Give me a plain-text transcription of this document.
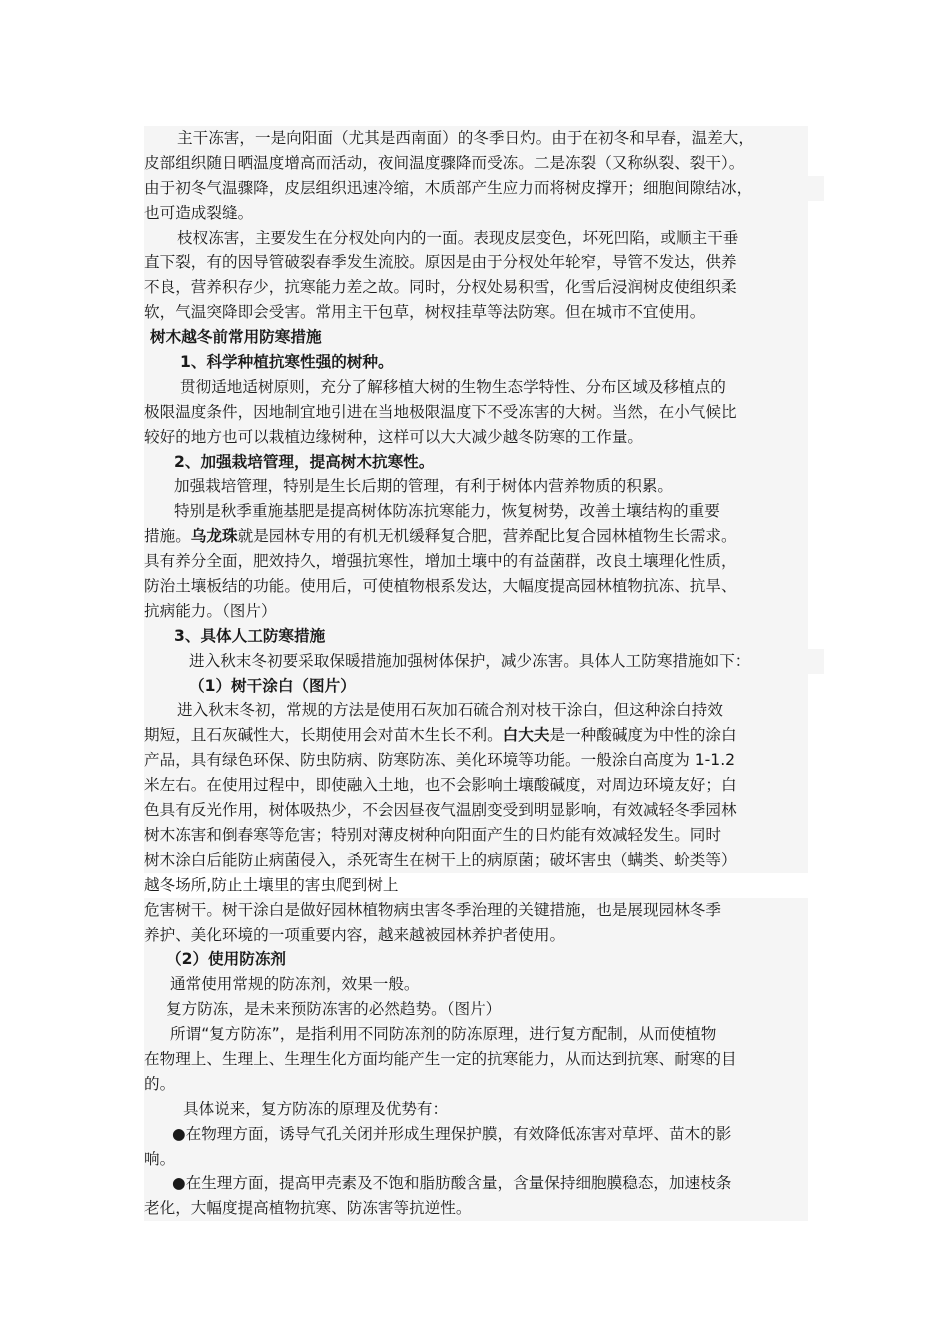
主干冻害，一是向阳面（尤其是西南面）的冬季日灼。由于在初冬和早春，温差大，
皮部组织随日晒温度增高而活动，夜间温度骤降而受冻。二是冻裂（又称纵裂、裂干）。
由于初冬气温骤降，皮层组织迅速冷缩，木质部产生应力而将树皮撑开；细胞间隙结冰，
也可造成裂缝。
枝杈冻害，主要发生在分杈处向内的一面。表现皮层变色，坏死凹陷，或顺主干垂
直下裂，有的因导管破裂春季发生流胶。原因是由于分杈处年轮窄，导管不发达，供养
不良，营养积存少，抗寒能力差之故。同时，分杈处易积雪，化雪后浸润树皮使组织柔
软，气温突降即会受害。常用主干包草，树杈挂草等法防寒。但在城市不宜使用。
树木越冬前常用防寒措施
1、科学种植抗寒性强的树种。
贯彻适地适树原则，充分了解移植大树的生物生态学特性、分布区域及移植点的
极限温度条件，因地制宜地引进在当地极限温度下不受冻害的大树。当然，在小气候比
较好的地方也可以栽植边缘树种，这样可以大大减少越冬防寒的工作量。
2、加强栽培管理，提高树木抗寒性。
加强栽培管理，特别是生长后期的管理，有利于树体内营养物质的积累。
特别是秋季重施基肥是提高树体防冻抗寒能力，恢复树势，改善土壤结构的重要
措施。乌龙珠就是园林专用的有机无机缓释复合肥，营养配比复合园林植物生长需求。
具有养分全面，肥效持久，增强抗寒性，增加土壤中的有益菌群，改良土壤理化性质，
防治土壤板结的功能。使用后，可使植物根系发达，大幅度提高园林植物抗冻、抗旱、
抗病能力。（图片）
3、具体人工防寒措施
进入秋末冬初要采取保暖措施加强树体保护，减少冻害。具体人工防寒措施如下：
（1）树干涂白（图片）
进入秋末冬初，常规的方法是使用石灰加石硫合剂对枝干涂白，但这种涂白持效
期短，且石灰碱性大，长期使用会对苗木生长不利。白大夫是一种酸碱度为中性的涂白
产品，具有绿色环保、防虫防病、防寒防冻、美化环境等功能。一般涂白高度为 1-1.2
米左右。在使用过程中，即使融入土地，也不会影响土壤酸碱度，对周边环境友好；白
色具有反光作用，树体吸热少，不会因昼夜气温剧变受到明显影响，有效减轻冬季园林
树木冻害和倒春寒等危害；特别对薄皮树种向阳面产生的日灼能有效减轻发生。同时
树木涂白后能防止病菌侵入，杀死寄生在树干上的病原菌；破坏害虫（螨类、蚧类等）
越冬场所,防止土壤里的害虫爬到树上
危害树干。树干涂白是做好园林植物病虫害冬季治理的关键措施，也是展现园林冬季
养护、美化环境的一项重要内容，越来越被园林养护者使用。
（2）使用防冻剂
通常使用常规的防冻剂，效果一般。
复方防冻，是未来预防冻害的必然趋势。（图片）
所谓“复方防冻”，是指利用不同防冻剂的防冻原理，进行复方配制，从而使植物
在物理上、生理上、生理生化方面均能产生一定的抗寒能力，从而达到抗寒、耐寒的目
的。
具体说来，复方防冻的原理及优势有：
●在物理方面，诱导气孔关闭并形成生理保护膜，有效降低冻害对草坪、苗木的影
响。
●在生理方面，提高甲壳素及不饱和脂肪酸含量，含量保持细胞膜稳态，加速枝条
老化，大幅度提高植物抗寒、防冻害等抗逆性。
